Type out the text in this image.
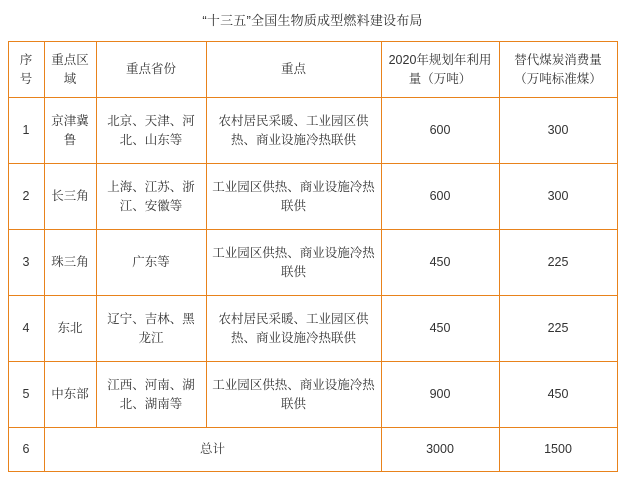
“十三五”全国生物质成型燃料建设布局
序号	重点区域	重点省份	重点	2020年规划年利用量（万吨）	替代煤炭消费量（万吨标准煤）
1	京津冀鲁	北京、天津、河北、山东等	农村居民采暖、工业园区供热、商业设施冷热联供	600	300
2	长三角	上海、江苏、浙江、安徽等	工业园区供热、商业设施冷热联供	600	300
3	珠三角	广东等	工业园区供热、商业设施冷热联供	450	225
4	东北	辽宁、吉林、黑龙江	农村居民采暖、工业园区供热、商业设施冷热联供	450	225
5	中东部	江西、河南、湖北、湖南等	工业园区供热、商业设施冷热联供	900	450
6	总计			3000	1500
